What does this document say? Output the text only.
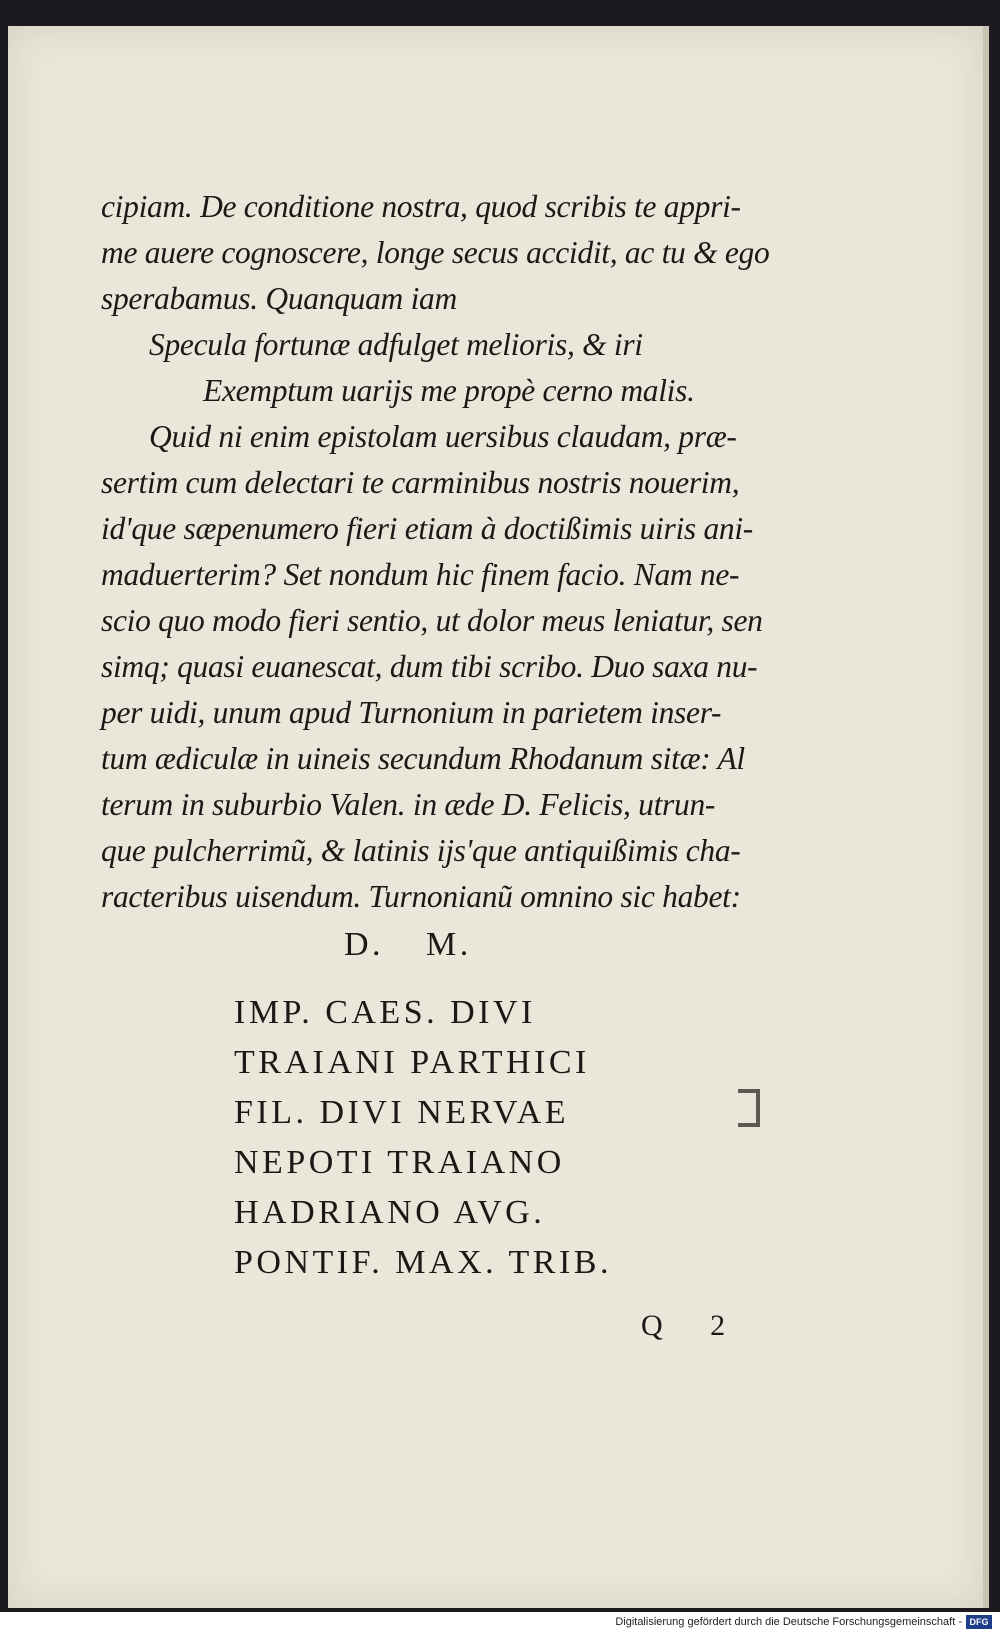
cipiam. De conditione nostra, quod scribis te appri-
me auere cognoscere, longe secus accidit, ac tu & ego
sperabamus. Quanquam iam
Specula fortunæ adfulget melioris, & iri
Exemptum uarijs me propè cerno malis.
Quid ni enim epistolam uersibus claudam, præ-
sertim cum delectari te carminibus nostris nouerim,
id'que sæpenumero fieri etiam à doctißimis uiris ani-
maduerterim? Set nondum hic finem facio. Nam ne-
scio quo modo fieri sentio, ut dolor meus leniatur, sen
simq; quasi euanescat, dum tibi scribo. Duo saxa nu-
per uidi, unum apud Turnonium in parietem inser-
tum ædiculæ in uineis secundum Rhodanum sitæ: Al
terum in suburbio Valen. in æde D. Felicis, utrun-
que pulcherrimũ, & latinis ijs'que antiquißimis cha-
racteribus uisendum. Turnonianũ omnino sic habet:
D. M.
IMP. CAES. DIVI
TRAIANI PARTHICI
FIL. DIVI NERVAE
NEPOTI TRAIANO
HADRIANO AVG.
PONTIF. MAX. TRIB.
Q 2
Digitalisierung gefördert durch die Deutsche Forschungsgemeinschaft - DFG
